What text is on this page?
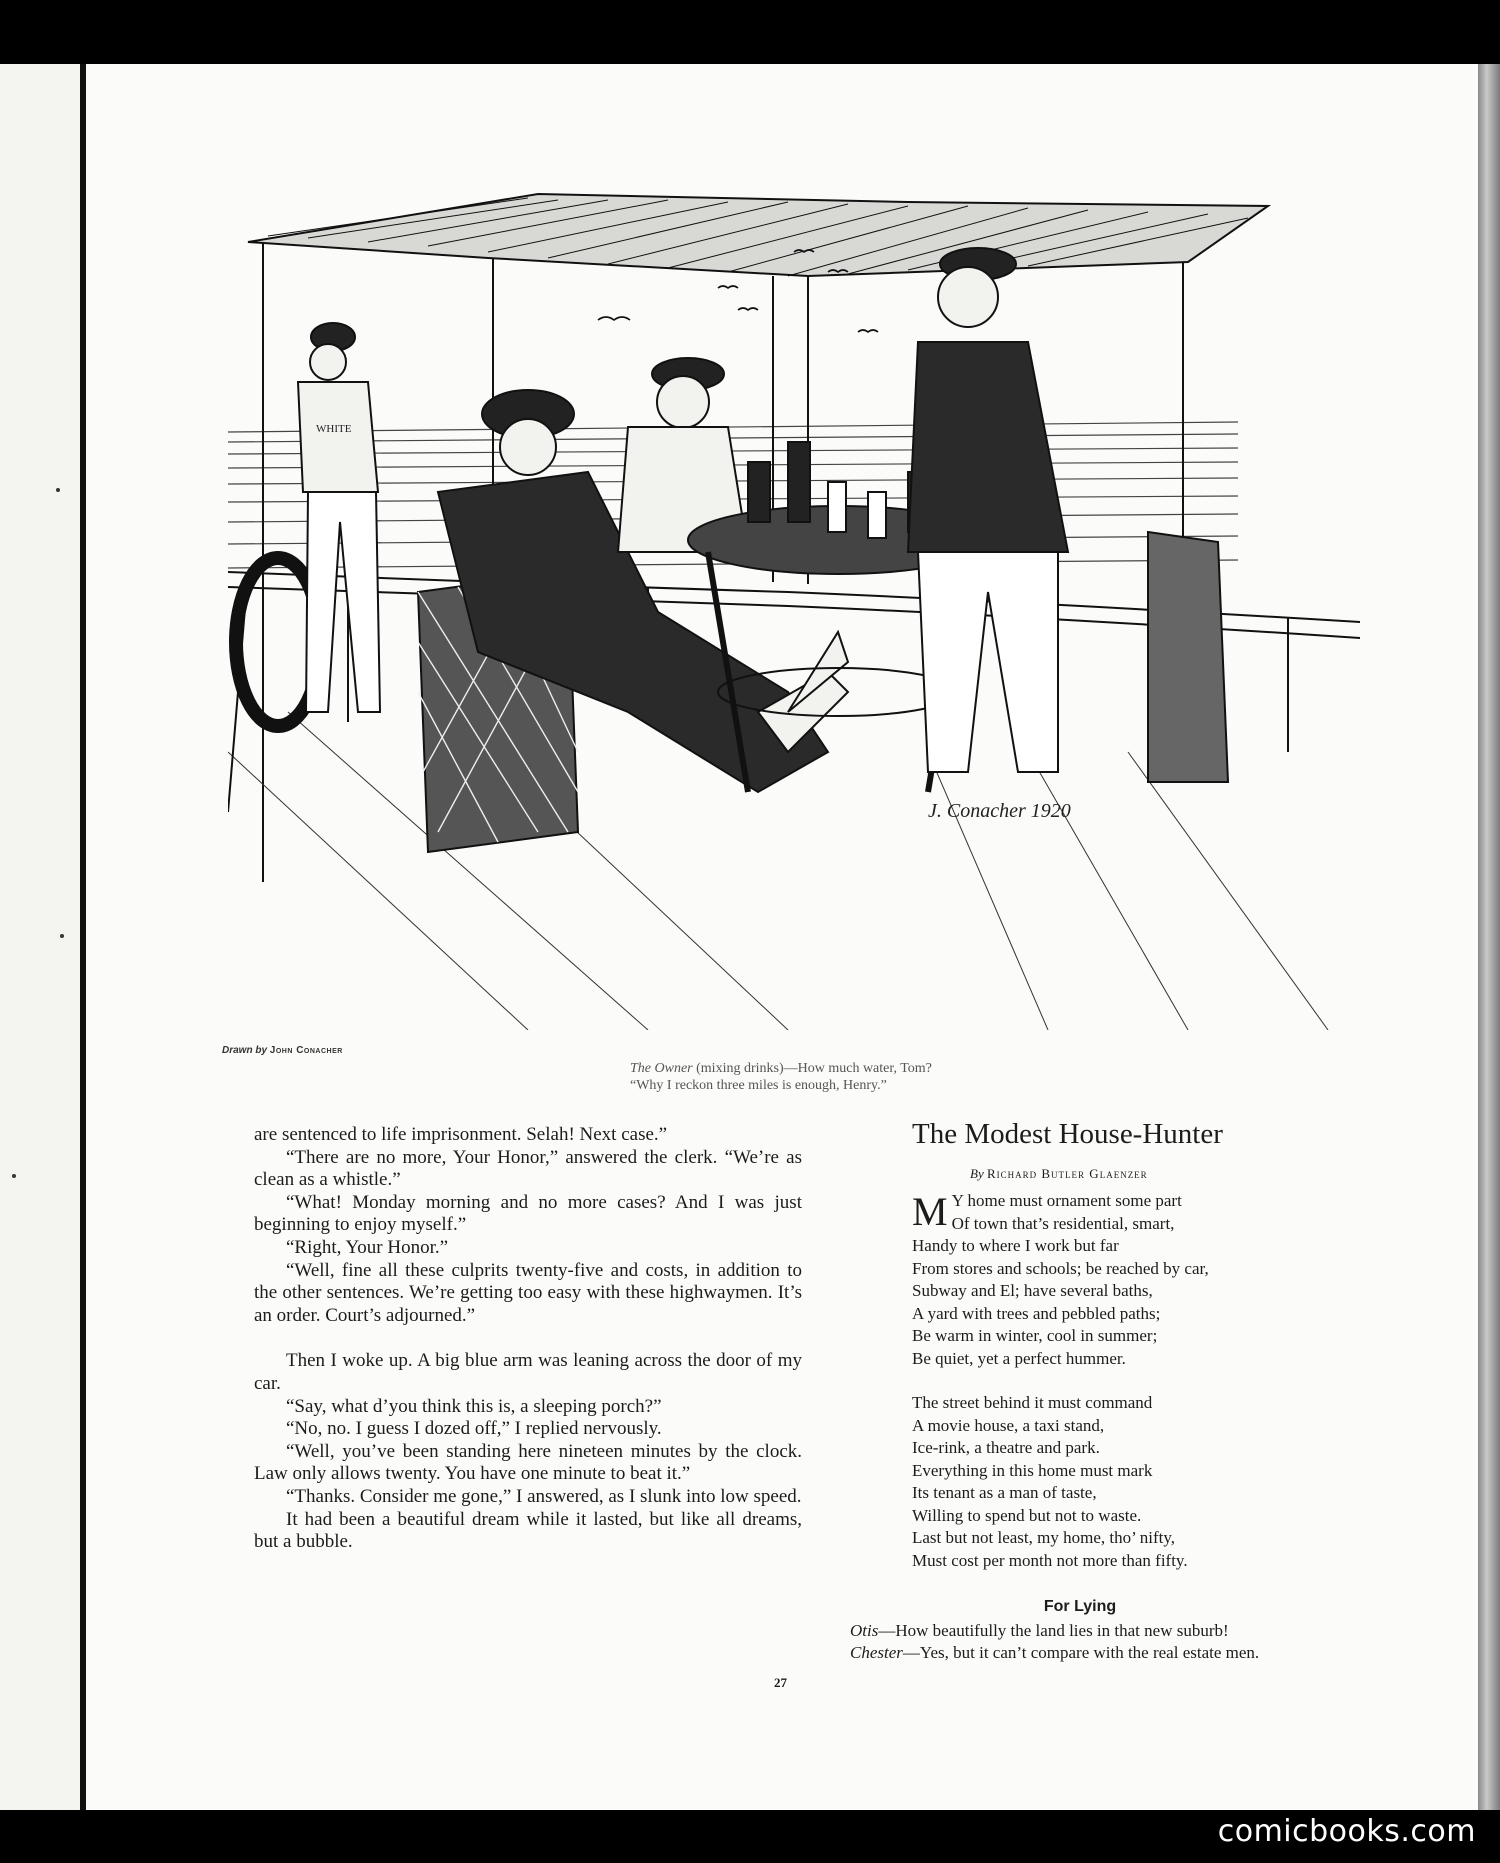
WHITE
J. Conacher 1920
Drawn by John Conacher
The Owner (mixing drinks)—How much water, Tom?
“Why I reckon three miles is enough, Henry.”

are sentenced to life imprisonment. Selah! Next case.”

“There are no more, Your Honor,” answered the clerk. “We’re as clean as a whistle.”

“What! Monday morning and no more cases? And I was just beginning to enjoy myself.”

“Right, Your Honor.”

“Well, fine all these culprits twenty-five and costs, in addition to the other sentences. We’re getting too easy with these highwaymen. It’s an order. Court’s adjourned.”

Then I woke up. A big blue arm was leaning across the door of my car.

“Say, what d’you think this is, a sleeping porch?”

“No, no. I guess I dozed off,” I replied nervously.

“Well, you’ve been standing here nineteen minutes by the clock. Law only allows twenty. You have one minute to beat it.”

“Thanks. Consider me gone,” I answered, as I slunk into low speed.

It had been a beautiful dream while it lasted, but like all dreams, but a bubble.

The Modest House-Hunter
By Richard Butler Glaenzer
M Y home must ornament some part
Of town that’s residential, smart,
Handy to where I work but far
From stores and schools; be reached by car,
Subway and El; have several baths,
A yard with trees and pebbled paths;
Be warm in winter, cool in summer;
Be quiet, yet a perfect hummer.
The street behind it must command
A movie house, a taxi stand,
Ice-rink, a theatre and park.
Everything in this home must mark
Its tenant as a man of taste,
Willing to spend but not to waste.
Last but not least, my home, tho’ nifty,
Must cost per month not more than fifty.
For Lying
Otis—How beautifully the land lies in that new suburb!
Chester—Yes, but it can’t compare with the real estate men.
27
comicbooks.com
